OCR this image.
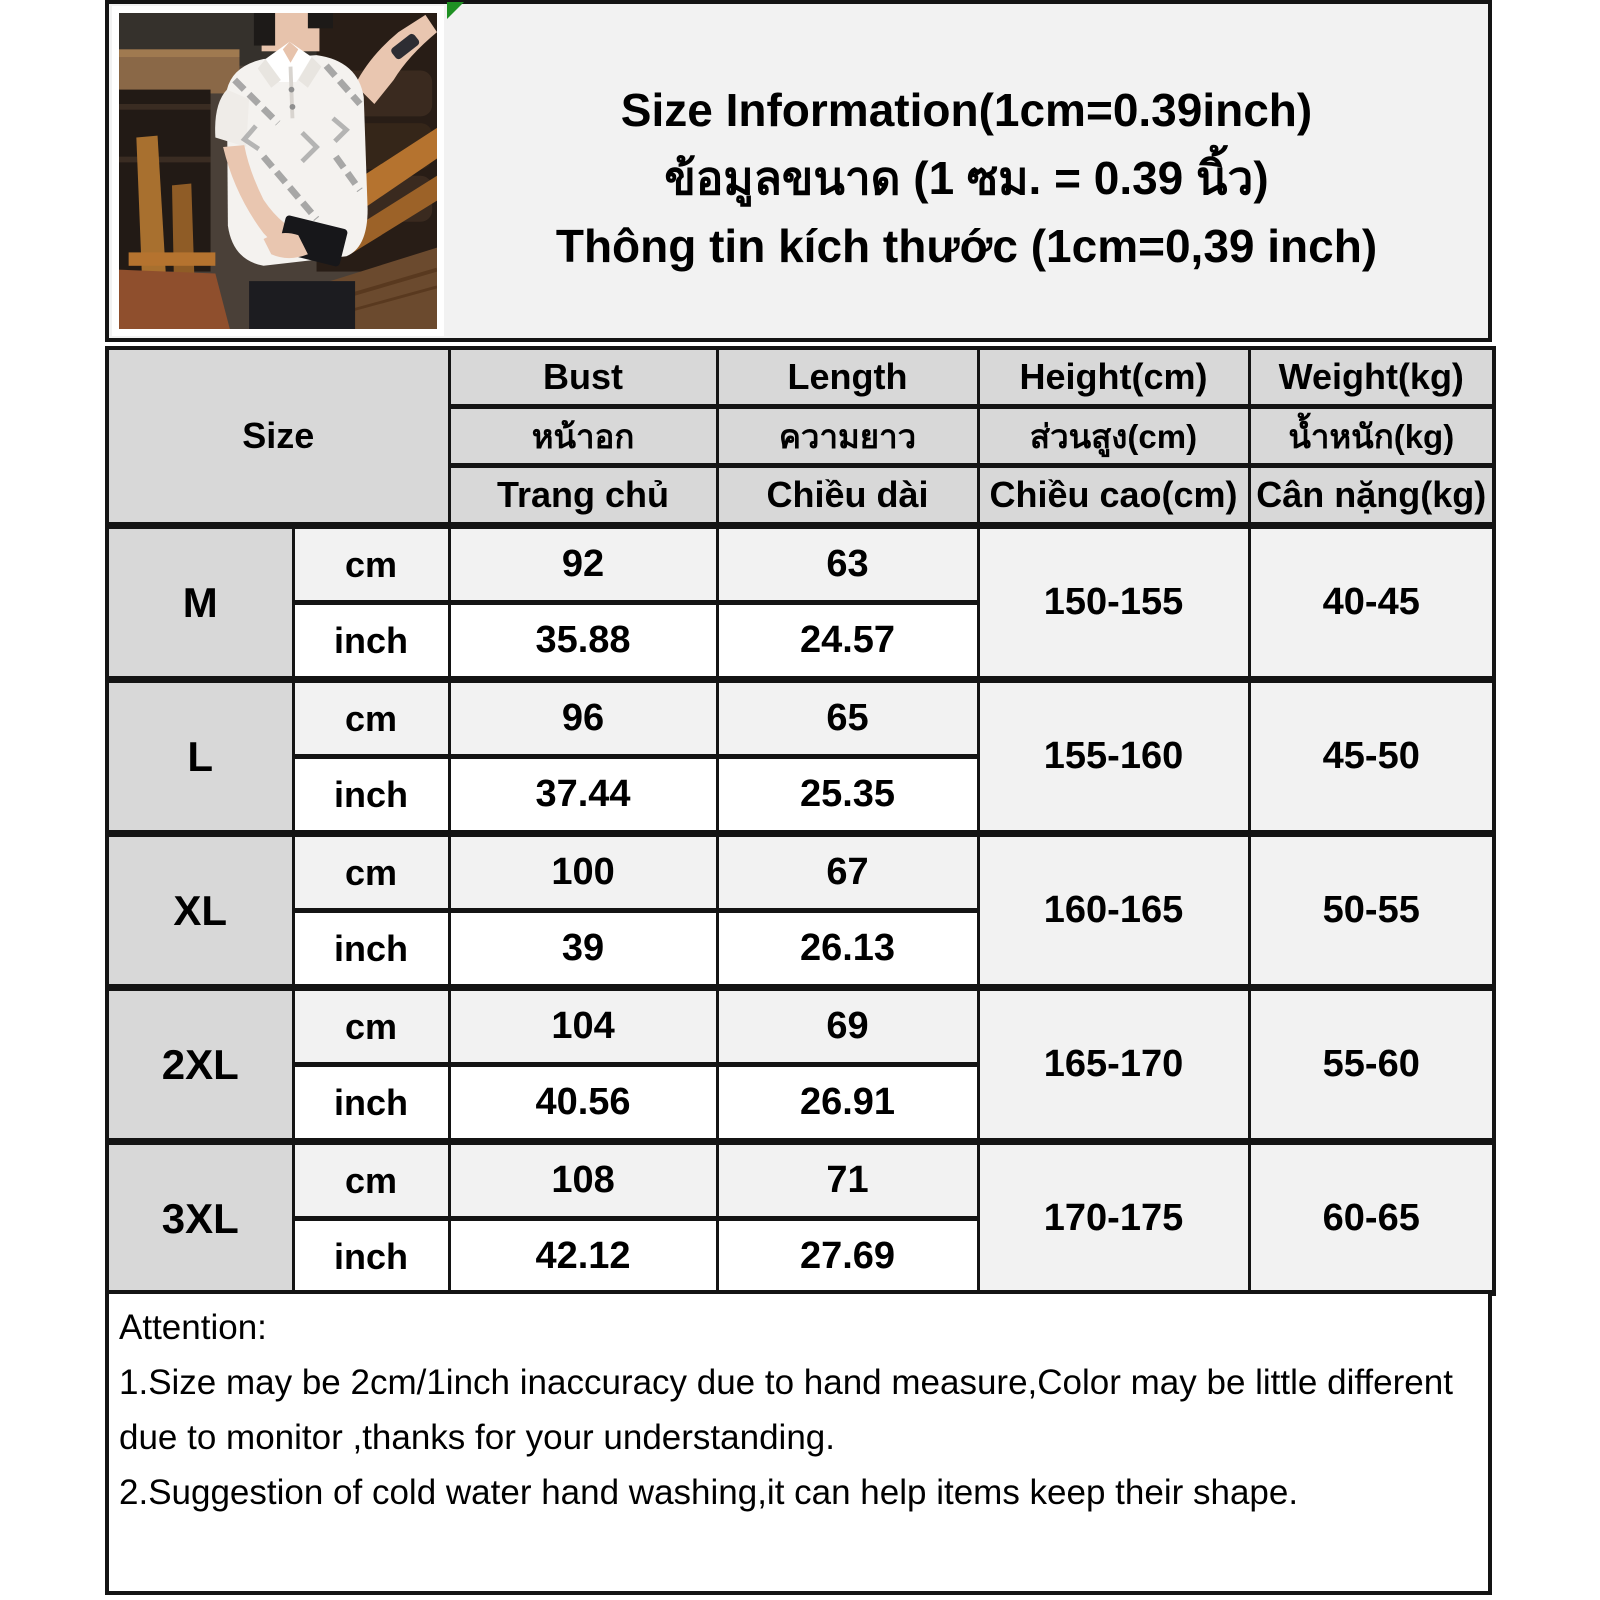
Size Information(1cm=0.39inch)
ข้อมูลขนาด (1 ซม. = 0.39 นิ้ว)
Thông tin kích thước (1cm=0,39 inch)
Size		Bust	Length	Height(cm)	Weight(kg)
		หน้าอก	ความยาว	ส่วนสูง(cm)	น้ำหนัก(kg)
		Trang chủ	Chiều dài	Chiều cao(cm)	Cân nặng(kg)
M	cm	92	63	150-155	40-45
	inch	35.88	24.57		
L	cm	96	65	155-160	45-50
	inch	37.44	25.35		
XL	cm	100	67	160-165	50-55
	inch	39	26.13		
2XL	cm	104	69	165-170	55-60
	inch	40.56	26.91		
3XL	cm	108	71	170-175	60-65
	inch	42.12	27.69		

Attention:

1.Size may be 2cm/1inch inaccuracy due to hand measure,Color may be little different due to monitor ,thanks for your understanding.

2.Suggestion of cold water hand washing,it can help items keep their shape.
